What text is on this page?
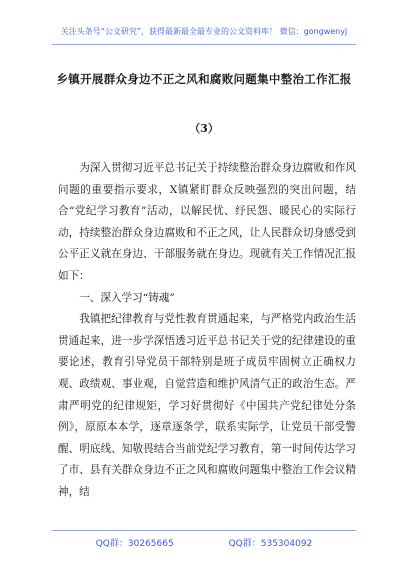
关注头条号“公文研究”，获得最新最全最专业的公文资料库！ 微信：gongwenyj
乡镇开展群众身边不正之风和腐败问题集中整治工作汇报
（3）

为深入贯彻习近平总书记关于持续整治群众身边腐败和作风问题的重要指示要求，X镇紧盯群众反映强烈的突出问题，结合“党纪学习教育”活动，以解民忧、纾民怨、暖民心的实际行动，持续整治群众身边腐败和不正之风，让人民群众切身感受到公平正义就在身边、干部服务就在身边。现就有关工作情况汇报如下：

一、深入学习“铸魂”

我镇把纪律教育与党性教育贯通起来，与严格党内政治生活贯通起来，进一步学深悟透习近平总书记关于党的纪律建设的重要论述，教育引导党员干部特别是班子成员牢固树立正确权力观、政绩观、事业观，自觉营造和维护风清气正的政治生态。严肃严明党的纪律规矩，学习好贯彻好《中国共产党纪律处分条例》，原原本本学，逐章逐条学，联系实际学，让党员干部受警醒、明底线、知敬畏结合当前党纪学习教育，第一时间传达学习了市、县有关群众身边不正之风和腐败问题集中整治工作会议精神，结

QQ群：30265665	QQ群：535304092
